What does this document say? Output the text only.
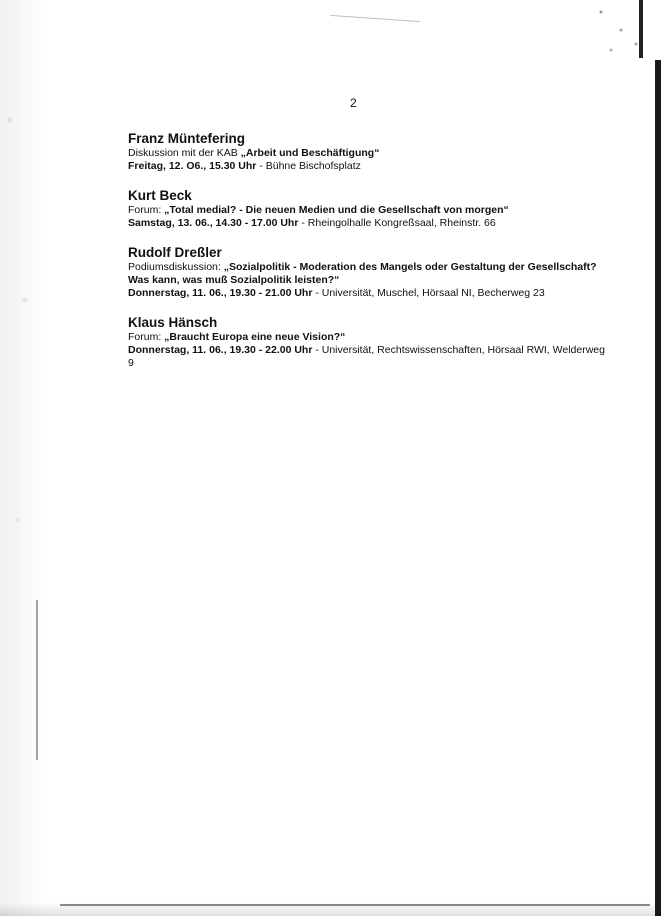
2

Franz Müntefering

Diskussion mit der KAB „Arbeit und Beschäftigung“

Freitag, 12. O6., 15.30 Uhr - Bühne Bischofsplatz

Kurt Beck

Forum: „Total medial? - Die neuen Medien und die Gesellschaft von morgen“

Samstag, 13. 06., 14.30 - 17.00 Uhr - Rheingolhalle Kongreßsaal, Rheinstr. 66

Rudolf Dreßler

Podiumsdiskussion: „Sozialpolitik - Moderation des Mangels oder Gestaltung der Gesellschaft? Was kann, was muß Sozialpolitik leisten?“

Donnerstag, 11. 06., 19.30 - 21.00 Uhr - Universität, Muschel, Hörsaal NI, Becherweg 23

Klaus Hänsch

Forum: „Braucht Europa eine neue Vision?“

Donnerstag, 11. 06., 19.30 - 22.00 Uhr - Universität, Rechtswissenschaften, Hörsaal RWI, Welderweg 9
